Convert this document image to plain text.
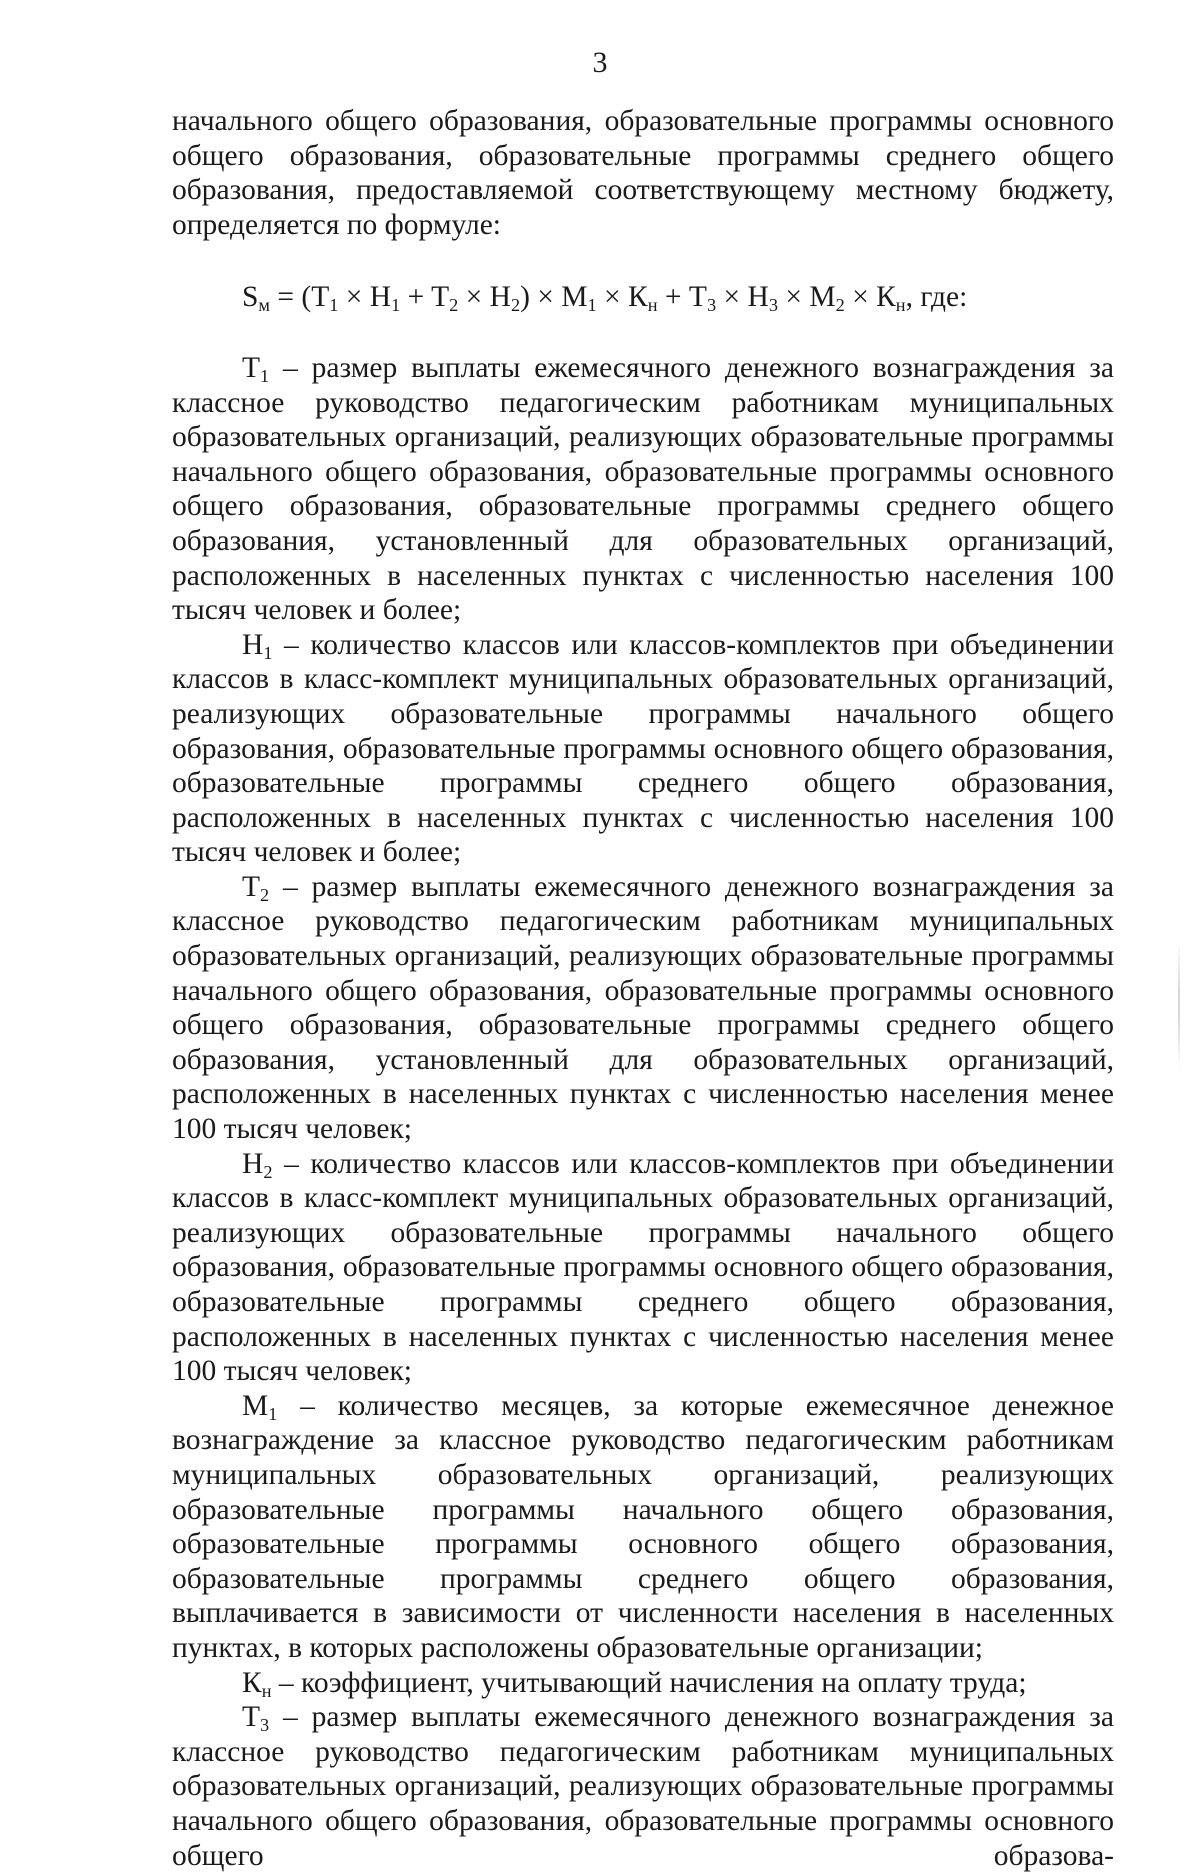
3

начального общего образования, образовательные программы основного общего образования, образовательные программы среднего общего образования, предоставляемой соответствующему местному бюджету, определяется по формуле:

$S_м = (T_1 \times H_1 + T_2 \times H_2) \times M_1 \times К_н + T_3 \times H_3 \times M_2 \times К_н$, где:

$T_1$ – размер выплаты ежемесячного денежного вознаграждения за классное руководство педагогическим работникам муниципальных образовательных организаций, реализующих образовательные программы начального общего образования, образовательные программы основного общего образования, образовательные программы среднего общего образования, установленный для образовательных организаций, расположенных в населенных пунктах с численностью населения 100 тысяч человек и более;

$H_1$ – количество классов или классов-комплектов при объединении классов в класс-комплект муниципальных образовательных организаций, реализующих образовательные программы начального общего образования, образовательные программы основного общего образования, образовательные программы среднего общего образования, расположенных в населенных пунктах с численностью населения 100 тысяч человек и более;

$T_2$ – размер выплаты ежемесячного денежного вознаграждения за классное руководство педагогическим работникам муниципальных образовательных организаций, реализующих образовательные программы начального общего образования, образовательные программы основного общего образования, образовательные программы среднего общего образования, установленный для образовательных организаций, расположенных в населенных пунктах с численностью населения менее 100 тысяч человек;

$H_2$ – количество классов или классов-комплектов при объединении классов в класс-комплект муниципальных образовательных организаций, реализующих образовательные программы начального общего образования, образовательные программы основного общего образования, образовательные программы среднего общего образования, расположенных в населенных пунктах с численностью населения менее 100 тысяч человек;

$M_1$ – количество месяцев, за которые ежемесячное денежное вознаграждение за классное руководство педагогическим работникам муниципальных образовательных организаций, реализующих образовательные программы начального общего образования, образовательные программы основного общего образования, образовательные программы среднего общего образования, выплачивается в зависимости от численности населения в населенных пунктах, в которых расположены образовательные организации;

$К_н$ – коэффициент, учитывающий начисления на оплату труда;

$T_3$ – размер выплаты ежемесячного денежного вознаграждения за классное руководство педагогическим работникам муниципальных образовательных организаций, реализующих образовательные программы начального общего образования, образовательные программы основного общего образова-
